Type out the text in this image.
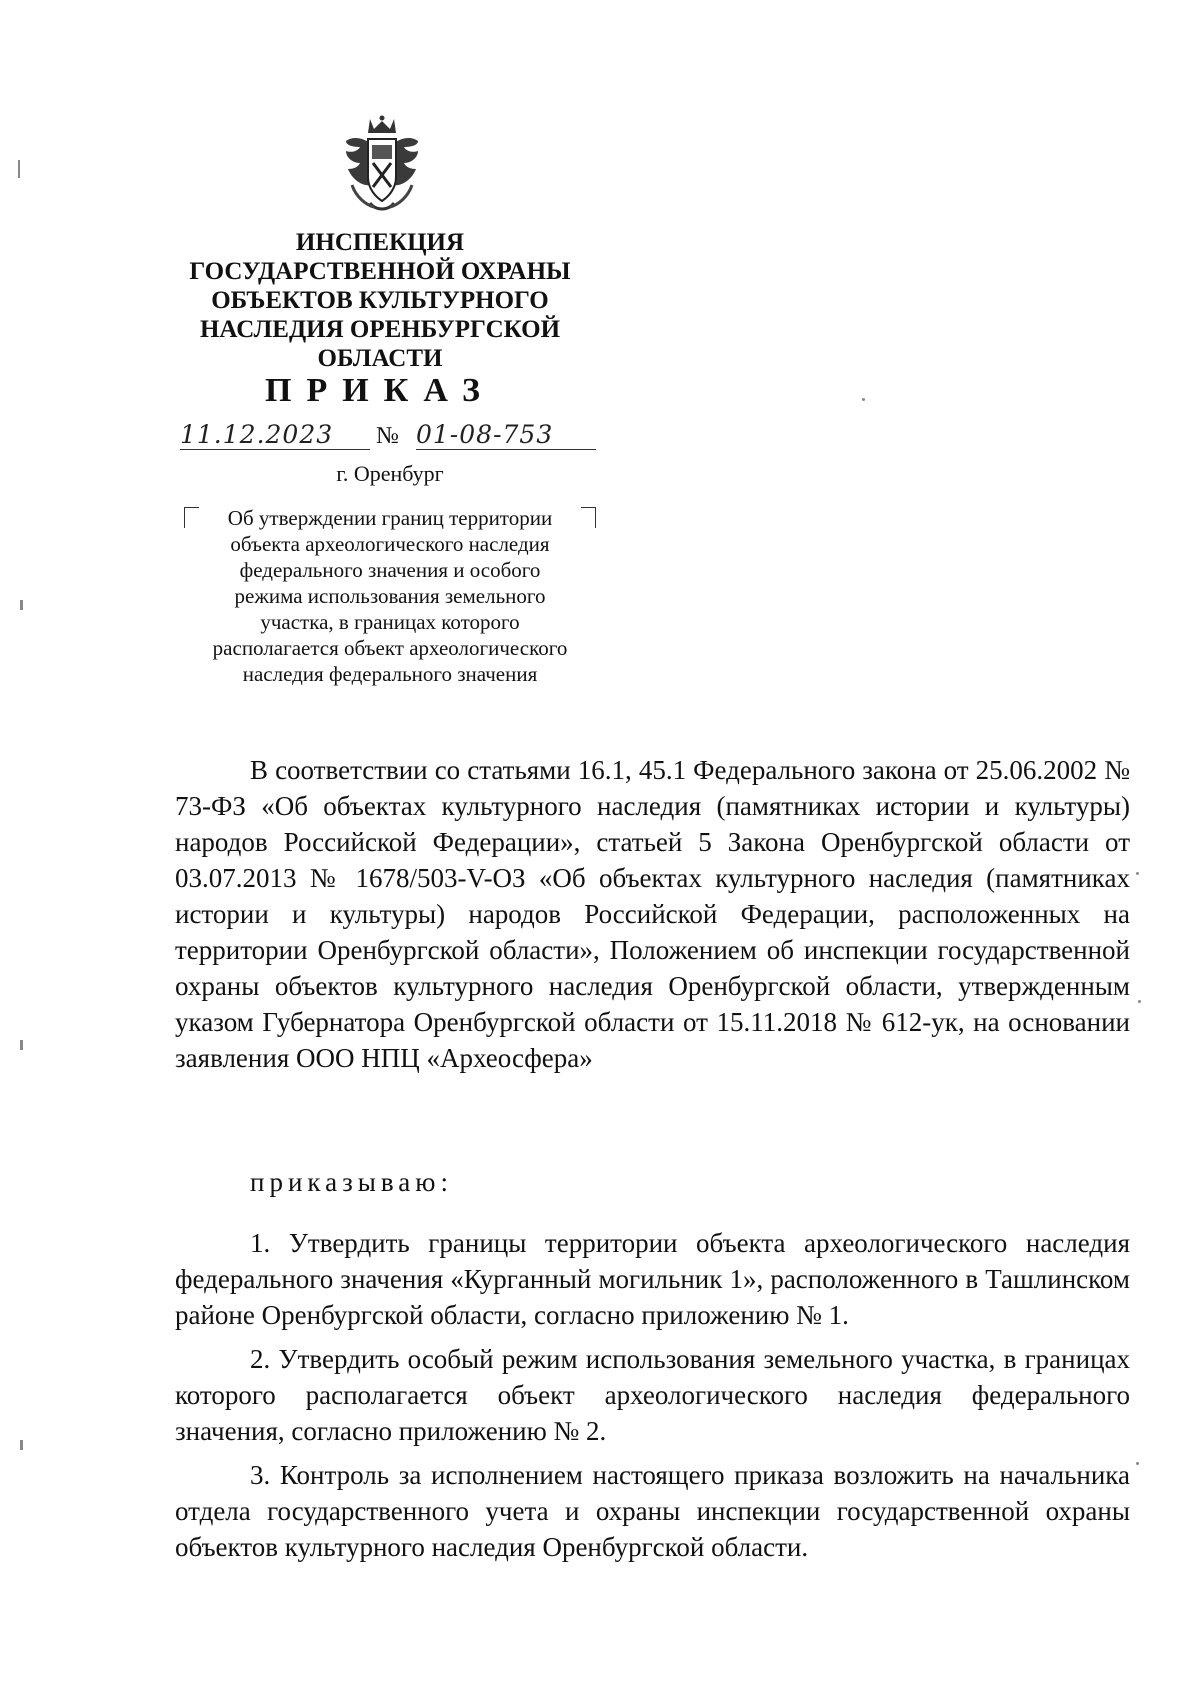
ИНСПЕКЦИЯ
ГОСУДАРСТВЕННОЙ ОХРАНЫ
ОБЪЕКТОВ КУЛЬТУРНОГО
НАСЛЕДИЯ ОРЕНБУРГСКОЙ
ОБЛАСТИ
ПРИКАЗ
11.12.2023	№ 01-08-753
г. Оренбург
Об утверждении границ территории
объекта археологического наследия
федерального значения и особого
режима использования земельного
участка, в границах которого
располагается объект археологического
наследия федерального значения

В соответствии со статьями 16.1, 45.1 Федерального закона от 25.06.2002 № 73-ФЗ «Об объектах культурного наследия (памятниках истории и культуры) народов Российской Федерации», статьей 5 Закона Оренбургской области от 03.07.2013 № 1678/503-V-ОЗ «Об объектах культурного наследия (памятниках истории и культуры) народов Российской Федерации, расположенных на территории Оренбургской области», Положением об инспекции государственной охраны объектов культурного наследия Оренбургской области, утвержденным указом Губернатора Оренбургской области от 15.11.2018 № 612-ук, на основании заявления ООО НПЦ «Археосфера»

приказываю:

1. Утвердить границы территории объекта археологического наследия федерального значения «Курганный могильник 1», расположенного в Ташлинском районе Оренбургской области, согласно приложению № 1.

2. Утвердить особый режим использования земельного участка, в границах которого располагается объект археологического наследия федерального значения, согласно приложению № 2.

3. Контроль за исполнением настоящего приказа возложить на начальника отдела государственного учета и охраны инспекции государственной охраны объектов культурного наследия Оренбургской области.
